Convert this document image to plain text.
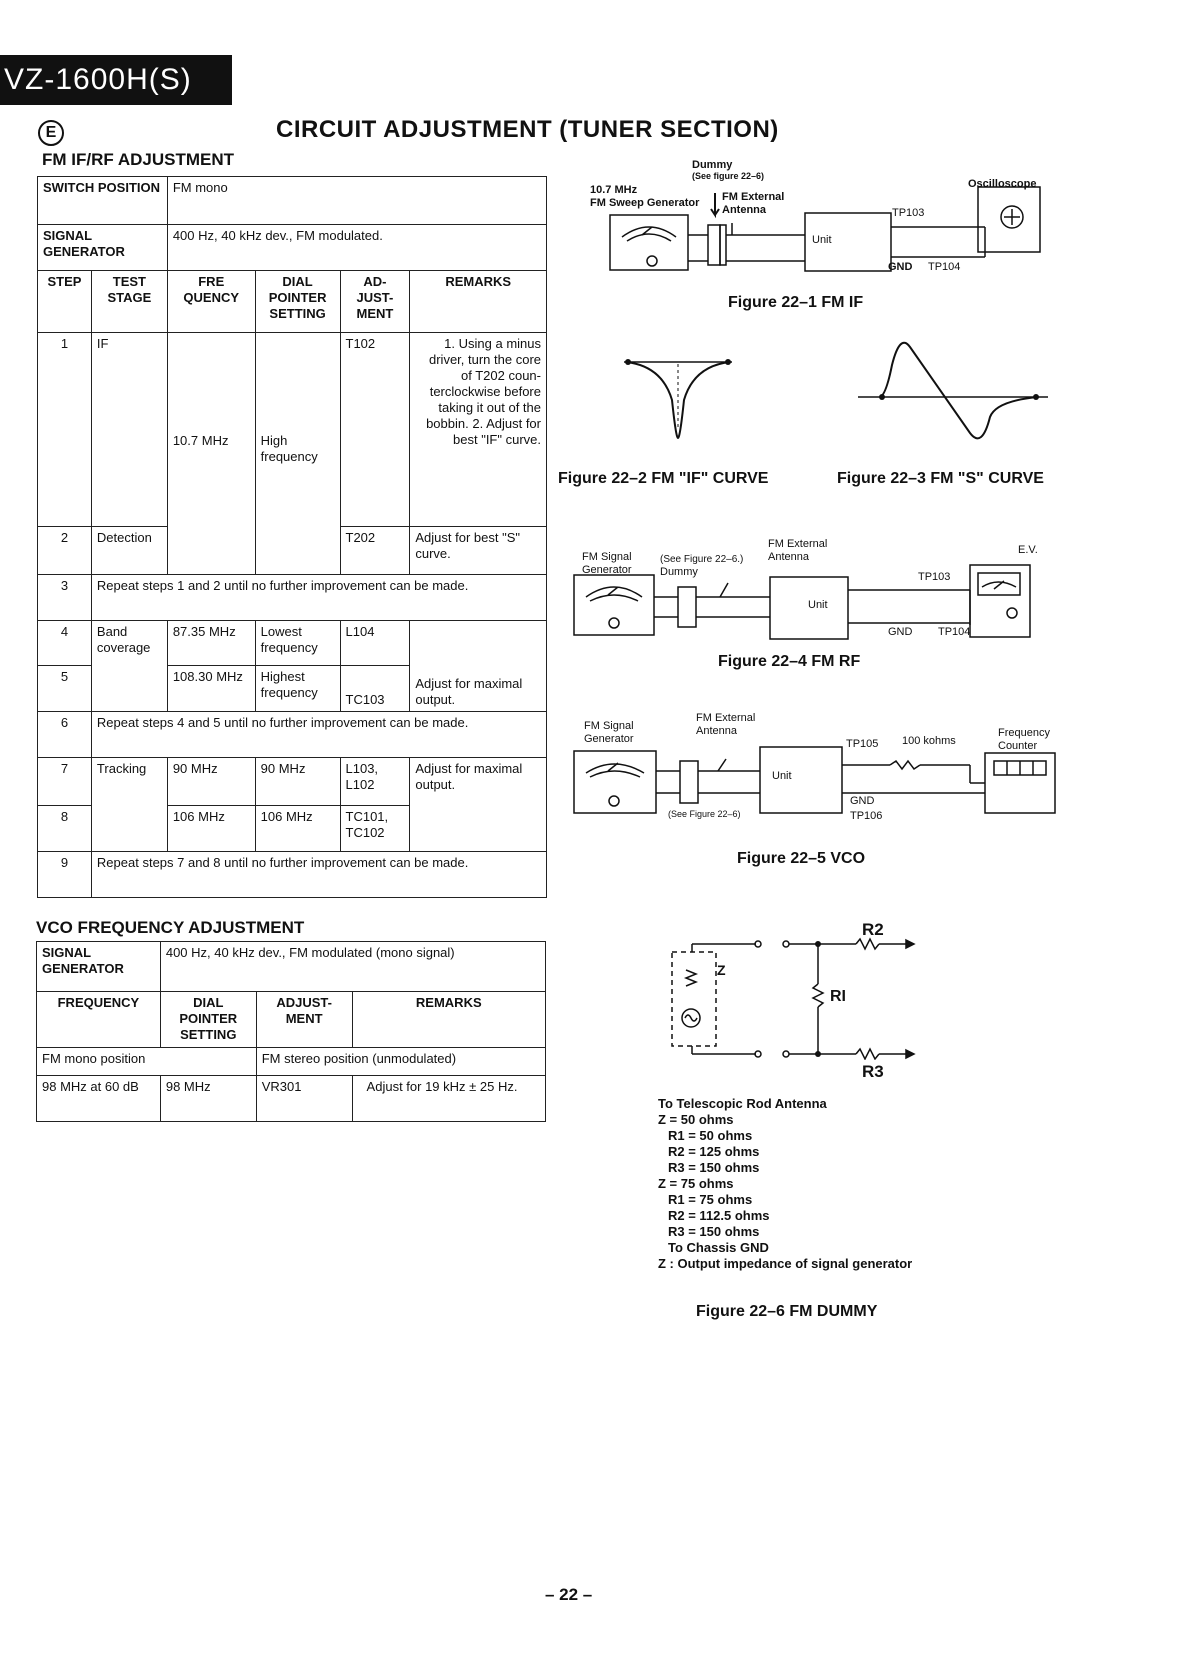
VZ-1600H(S)
E	CIRCUIT ADJUSTMENT (TUNER SECTION)
FM IF/RF ADJUSTMENT
SWITCH POSITION		FM mono			
SIGNAL GENERATOR		400 Hz, 40 kHz dev., FM modulated.			
STEP	TEST STAGE	FRE QUENCY	DIAL POINTER SETTING	AD- JUST- MENT	REMARKS
1	IF	10.7 MHz	High frequency	T102	1. Using a minus driver, turn the core of T202 coun- terclockwise before taking it out of the bobbin. 2. Adjust for best "IF" curve.
2	Detection			T202	Adjust for best "S" curve.
3	Repeat steps 1 and 2 until no further improvement can be made.				
4	Band coverage	87.35 MHz	Lowest frequency	L104	Adjust for maximal output.
5		108.30 MHz	Highest frequency	TC103	
6	Repeat steps 4 and 5 until no further improvement can be made.				
7	Tracking	90 MHz	90 MHz	L103, L102	Adjust for maximal output.
8		106 MHz	106 MHz	TC101, TC102	
9	Repeat steps 7 and 8 until no further improvement can be made.				
VCO FREQUENCY ADJUSTMENT
SIGNAL GENERATOR	400 Hz, 40 kHz dev., FM modulated (mono signal)		
FREQUENCY	DIAL POINTER SETTING	ADJUST- MENT	REMARKS
FM mono position		FM stereo position (unmodulated)	
98 MHz at 60 dB	98 MHz	VR301	Adjust for 19 kHz ± 25 Hz.
Dummy
(See figure 22–6)
10.7 MHz
FM Sweep Generator FM External
Antenna
Oscilloscope
Unit
TP103
GND TP104
Figure 22–1 FM IF
Figure 22–2 FM "IF" CURVE	Figure 22–3 FM "S" CURVE
FM Signal
Generator
(See Figure 22–6.)
Dummy
FM External
Antenna
E.V.
Unit
TP103
GND TP104
Figure 22–4 FM RF
FM Signal
Generator
FM External
Antenna
TP105 100 kohms
Frequency
Counter
Unit
GND
TP106
(See Figure 22–6)
Figure 22–5 VCO
Z
R2
RI
R3
To Telescopic Rod Antenna
Z = 50 ohms
R1 = 50 ohms
R2 = 125 ohms
R3 = 150 ohms
Z = 75 ohms
R1 = 75 ohms
R2 = 112.5 ohms
R3 = 150 ohms
To Chassis GND
Z : Output impedance of signal generator
Figure 22–6 FM DUMMY
– 22 –
